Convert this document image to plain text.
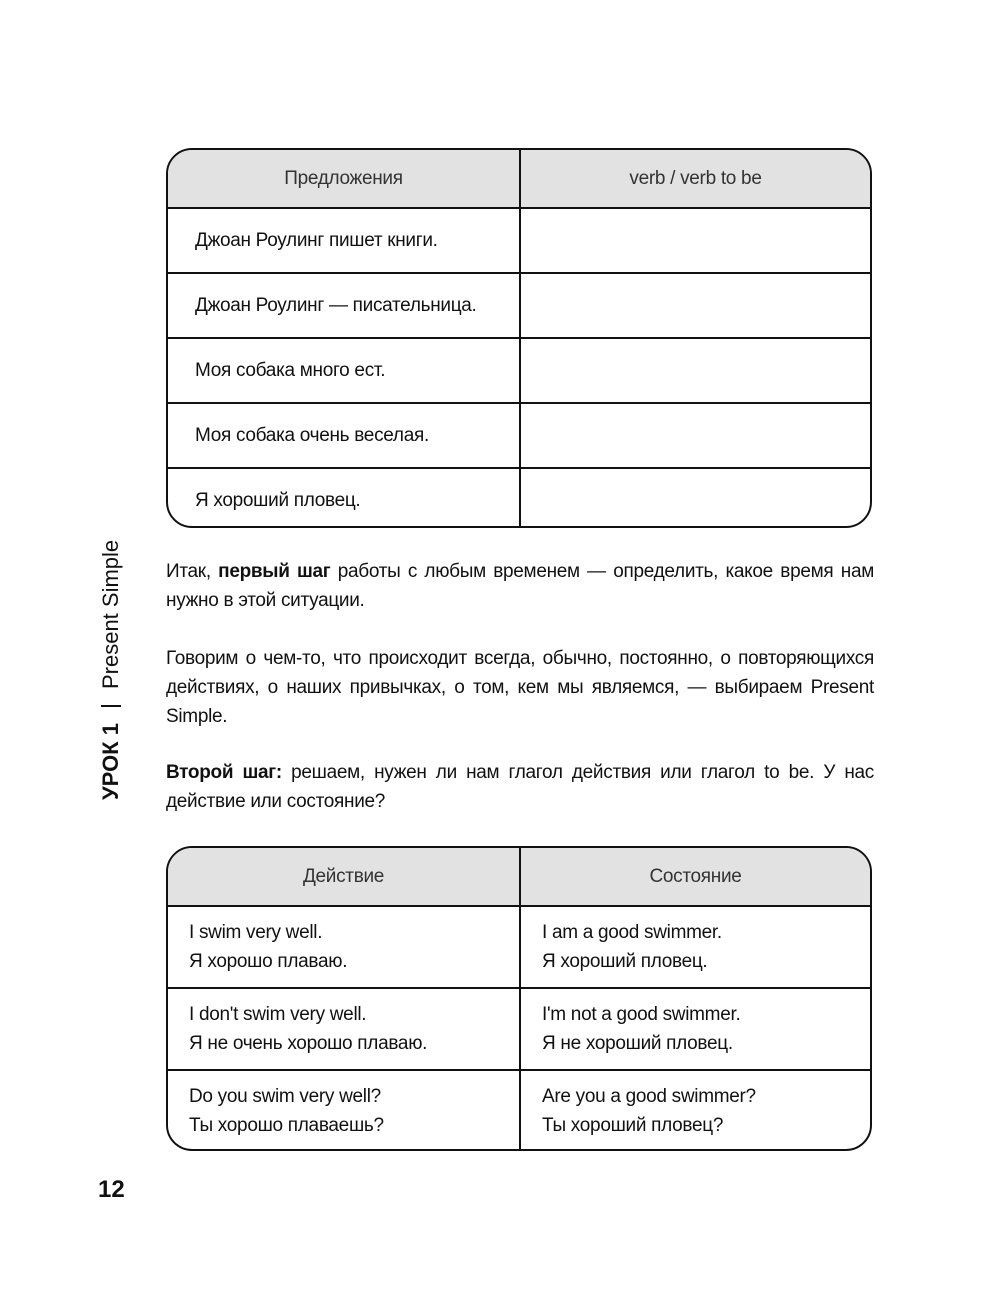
УРОК 1
Present Simple
Предложения	verb / verb to be
Джоан Роулинг пишет книги.
Джоан Роулинг — писательница.
Моя собака много ест.
Моя собака очень веселая.
Я хороший пловец.

Итак, первый шаг работы с любым временем — определить, какое время нам нужно в этой ситуации.

Говорим о чем-то, что происходит всегда, обычно, постоянно, о повторяющихся действиях, о наших привычках, о том, кем мы являемся, — выбираем Present Simple.

Второй шаг: решаем, нужен ли нам глагол действия или глагол to be. У нас действие или состояние?

Действие	Состояние
I swim very well.
Я хорошо плаваю.
I am a good swimmer.
Я хороший пловец.
I don't swim very well.
Я не очень хорошо плаваю.
I'm not a good swimmer.
Я не хороший пловец.
Do you swim very well?
Ты хорошо плаваешь?
Are you a good swimmer?
Ты хороший пловец?
12
